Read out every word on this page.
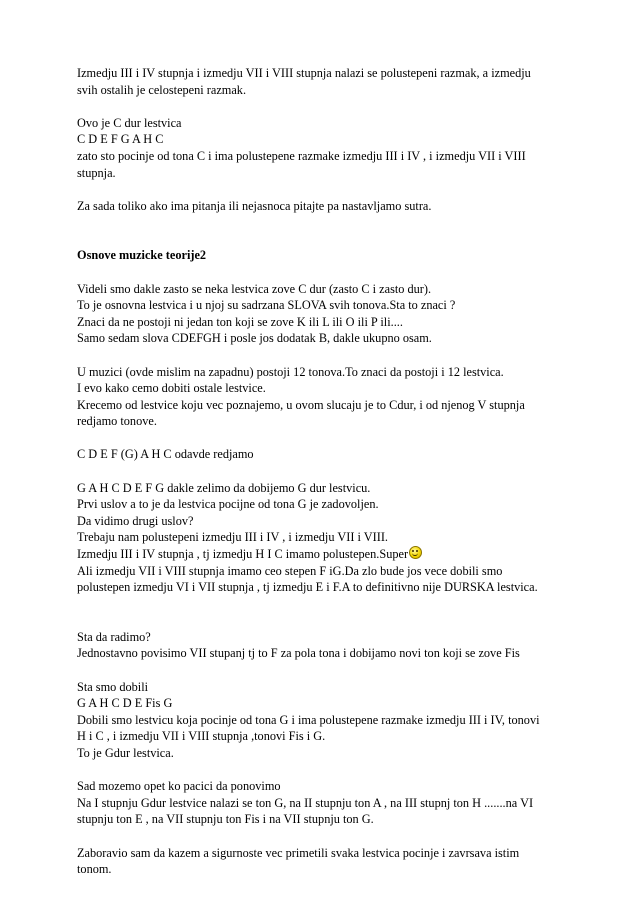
Izmedju III i IV stupnja i izmedju VII i VIII stupnja nalazi se polustepeni razmak, a izmedju
svih ostalih je celostepeni razmak.

Ovo je C dur lestvica
C D E F G A H C
zato sto pocinje od tona C i ima polustepene razmake izmedju III i IV , i izmedju VII i VIII
stupnja.

Za sada toliko ako ima pitanja ili nejasnoca pitajte pa nastavljamo sutra.

Osnove muzicke teorije2

Videli smo dakle zasto se neka lestvica zove C dur (zasto C i zasto dur).
To je osnovna lestvica i u njoj su sadrzana SLOVA svih tonova.Sta to znaci ?
Znaci da ne postoji ni jedan ton koji se zove K ili L ili O ili P ili....
Samo sedam slova CDEFGH i posle jos dodatak B, dakle ukupno osam.

U muzici (ovde mislim na zapadnu) postoji 12 tonova.To znaci da postoji i 12 lestvica.
I evo kako cemo dobiti ostale lestvice.
Krecemo od lestvice koju vec poznajemo, u ovom slucaju je to Cdur, i od njenog V stupnja
redjamo tonove.

C D E F (G) A H C odavde redjamo

G A H C D E F G dakle zelimo da dobijemo G dur lestvicu.
Prvi uslov a to je da lestvica pocijne od tona G je zadovoljen.
Da vidimo drugi uslov?
Trebaju nam polustepeni izmedju III i IV , i izmedju VII i VIII.
Izmedju III i IV stupnja , tj izmedju H I C imamo polustepen.Super
Ali izmedju VII i VIII stupnja imamo ceo stepen F iG.Da zlo bude jos vece dobili smo
polustepen izmedju VI i VII stupnja , tj izmedju E i F.A to definitivno nije DURSKA lestvica.

Sta da radimo?
Jednostavno povisimo VII stupanj tj to F za pola tona i dobijamo novi ton koji se zove Fis

Sta smo dobili
G A H C D E Fis G
Dobili smo lestvicu koja pocinje od tona G i ima polustepene razmake izmedju III i IV, tonovi
H i C , i izmedju VII i VIII stupnja ,tonovi Fis i G.
To je Gdur lestvica.

Sad mozemo opet ko pacici da ponovimo
Na I stupnju Gdur lestvice nalazi se ton G, na II stupnju ton A , na III stupnj ton H .......na VI
stupnju ton E , na VII stupnju ton Fis i na VII stupnju ton G.

Zaboravio sam da kazem a sigurnoste vec primetili svaka lestvica pocinje i zavrsava istim
tonom.
